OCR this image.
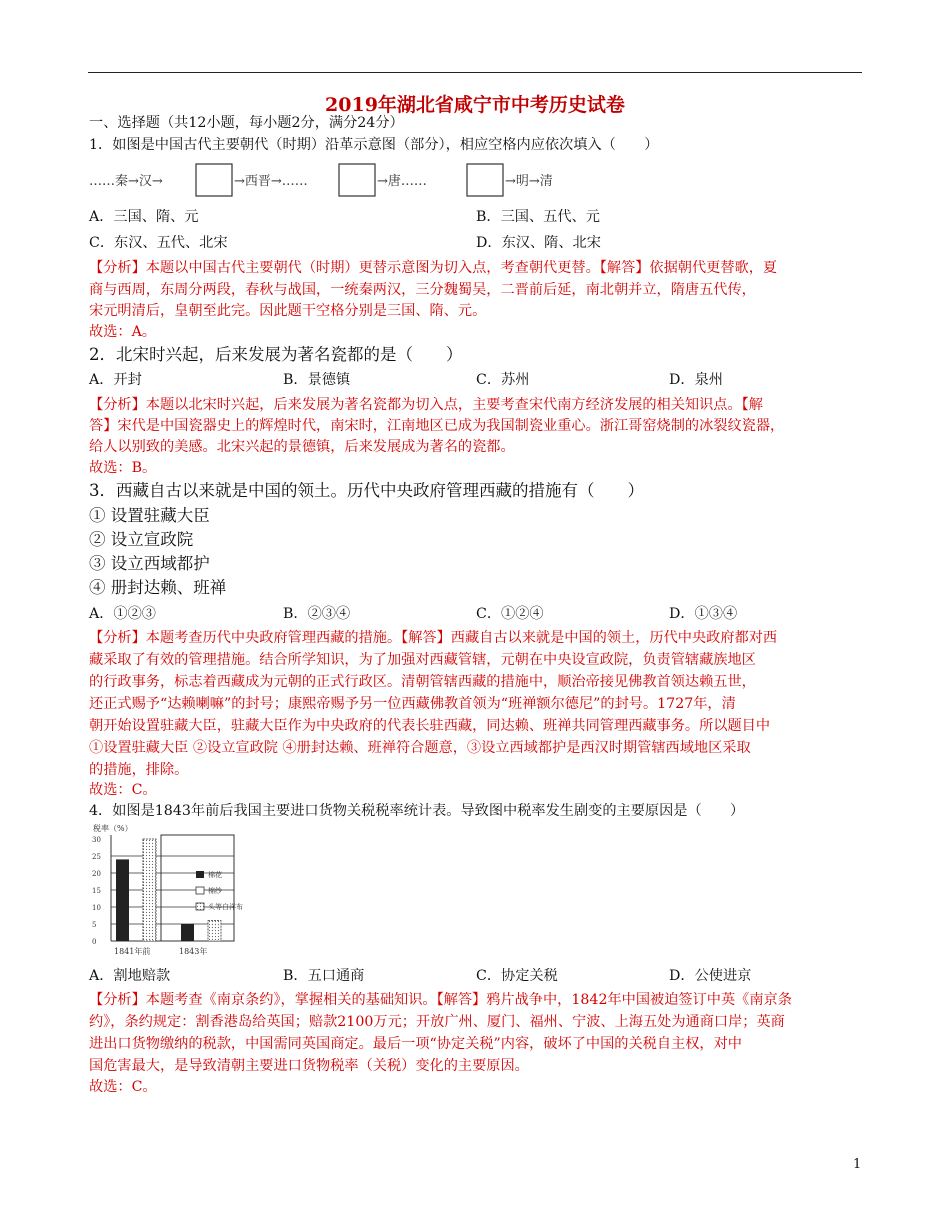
2019年湖北省咸宁市中考历史试卷
一、选择题（共12小题，每小题2分，满分24分）
1．如图是中国古代主要朝代（时期）沿革示意图（部分），相应空格内应依次填入（　　）
……秦→汉→	→西晋→……	→唐……	→明→清
A．三国、隋、元	B．三国、五代、元
C．东汉、五代、北宋	D．东汉、隋、北宋
【分析】本题以中国古代主要朝代（时期）更替示意图为切入点，考查朝代更替。【解答】依据朝代更替歌，夏
商与西周，东周分两段，春秋与战国，一统秦两汉，三分魏蜀吴，二晋前后延，南北朝并立，隋唐五代传，
宋元明清后，皇朝至此完。因此题干空格分别是三国、隋、元。
故选：A。
2．北宋时兴起，后来发展为著名瓷都的是（　　）
A．开封	B．景德镇	C．苏州	D．泉州
【分析】本题以北宋时兴起，后来发展为著名瓷都为切入点，主要考查宋代南方经济发展的相关知识点。【解
答】宋代是中国瓷器史上的辉煌时代，南宋时，江南地区已成为我国制瓷业重心。浙江哥窑烧制的冰裂纹瓷器，
给人以别致的美感。北宋兴起的景德镇，后来发展成为著名的瓷都。
故选：B。
3．西藏自古以来就是中国的领土。历代中央政府管理西藏的措施有（　　）
① 设置驻藏大臣
② 设立宣政院
③ 设立西域都护
④ 册封达赖、班禅
A．①②③	B．②③④	C．①②④	D．①③④
【分析】本题考查历代中央政府管理西藏的措施。【解答】西藏自古以来就是中国的领土，历代中央政府都对西
藏采取了有效的管理措施。结合所学知识，为了加强对西藏管辖，元朝在中央设宣政院，负责管辖藏族地区
的行政事务，标志着西藏成为元朝的正式行政区。清朝管辖西藏的措施中，顺治帝接见佛教首领达赖五世，
还正式赐予“达赖喇嘛”的封号；康熙帝赐予另一位西藏佛教首领为“班禅额尔德尼”的封号。1727年，清
朝开始设置驻藏大臣，驻藏大臣作为中央政府的代表长驻西藏，同达赖、班禅共同管理西藏事务。所以题目中
①设置驻藏大臣 ②设立宣政院 ④册封达赖、班禅符合题意，③设立西域都护是西汉时期管辖西域地区采取
的措施，排除。
故选：C。
4．如图是1843年前后我国主要进口货物关税税率统计表。导致图中税率发生剧变的主要原因是（　　）
税率（%）
30
25
20
15
10
5
0
1841年前	1843年
棉花
棉纱
头等白洋布
A．割地赔款	B．五口通商	C．协定关税	D．公使进京
【分析】本题考查《南京条约》，掌握相关的基础知识。【解答】鸦片战争中，1842年中国被迫签订中英《南京条
约》，条约规定：割香港岛给英国；赔款2100万元；开放广州、厦门、福州、宁波、上海五处为通商口岸；英商
进出口货物缴纳的税款，中国需同英国商定。最后一项“协定关税”内容，破坏了中国的关税自主权，对中
国危害最大，是导致清朝主要进口货物税率（关税）变化的主要原因。
故选：C。
1
